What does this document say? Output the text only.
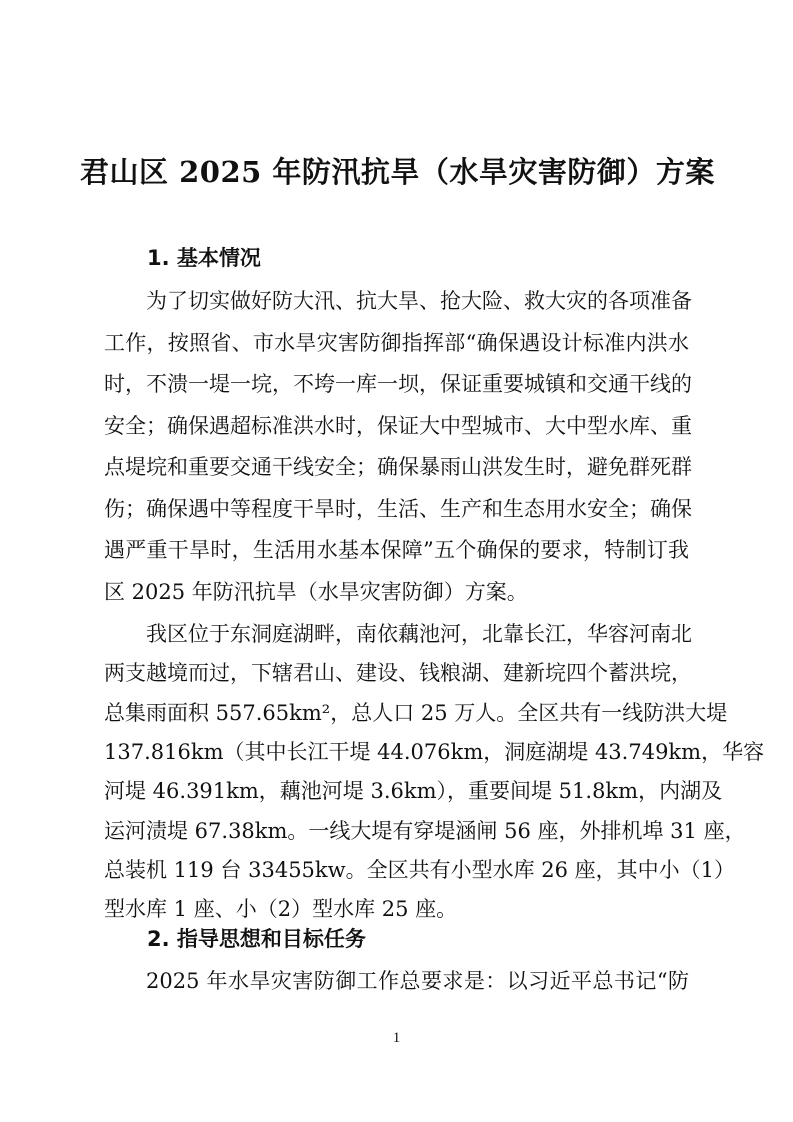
君山区 2025 年防汛抗旱（水旱灾害防御）方案
1. 基本情况

为了切实做好防大汛、抗大旱、抢大险、救大灾的各项准备

工作，按照省、市水旱灾害防御指挥部“确保遇设计标准内洪水

时，不溃一堤一垸，不垮一库一坝，保证重要城镇和交通干线的

安全；确保遇超标准洪水时，保证大中型城市、大中型水库、重

点堤垸和重要交通干线安全；确保暴雨山洪发生时，避免群死群

伤；确保遇中等程度干旱时，生活、生产和生态用水安全；确保

遇严重干旱时，生活用水基本保障”五个确保的要求，特制订我

区 2025 年防汛抗旱（水旱灾害防御）方案。

我区位于东洞庭湖畔，南依藕池河，北靠长江，华容河南北

两支越境而过，下辖君山、建设、钱粮湖、建新垸四个蓄洪垸，

总集雨面积 557.65km²，总人口 25 万人。全区共有一线防洪大堤

137.816km（其中长江干堤 44.076km，洞庭湖堤 43.749km，华容

河堤 46.391km，藕池河堤 3.6km），重要间堤 51.8km，内湖及

运河渍堤 67.38km。一线大堤有穿堤涵闸 56 座，外排机埠 31 座，

总装机 119 台 33455kw。全区共有小型水库 26 座，其中小（1）

型水库 1 座、小（2）型水库 25 座。

2. 指导思想和目标任务

2025 年水旱灾害防御工作总要求是：以习近平总书记“防

1
